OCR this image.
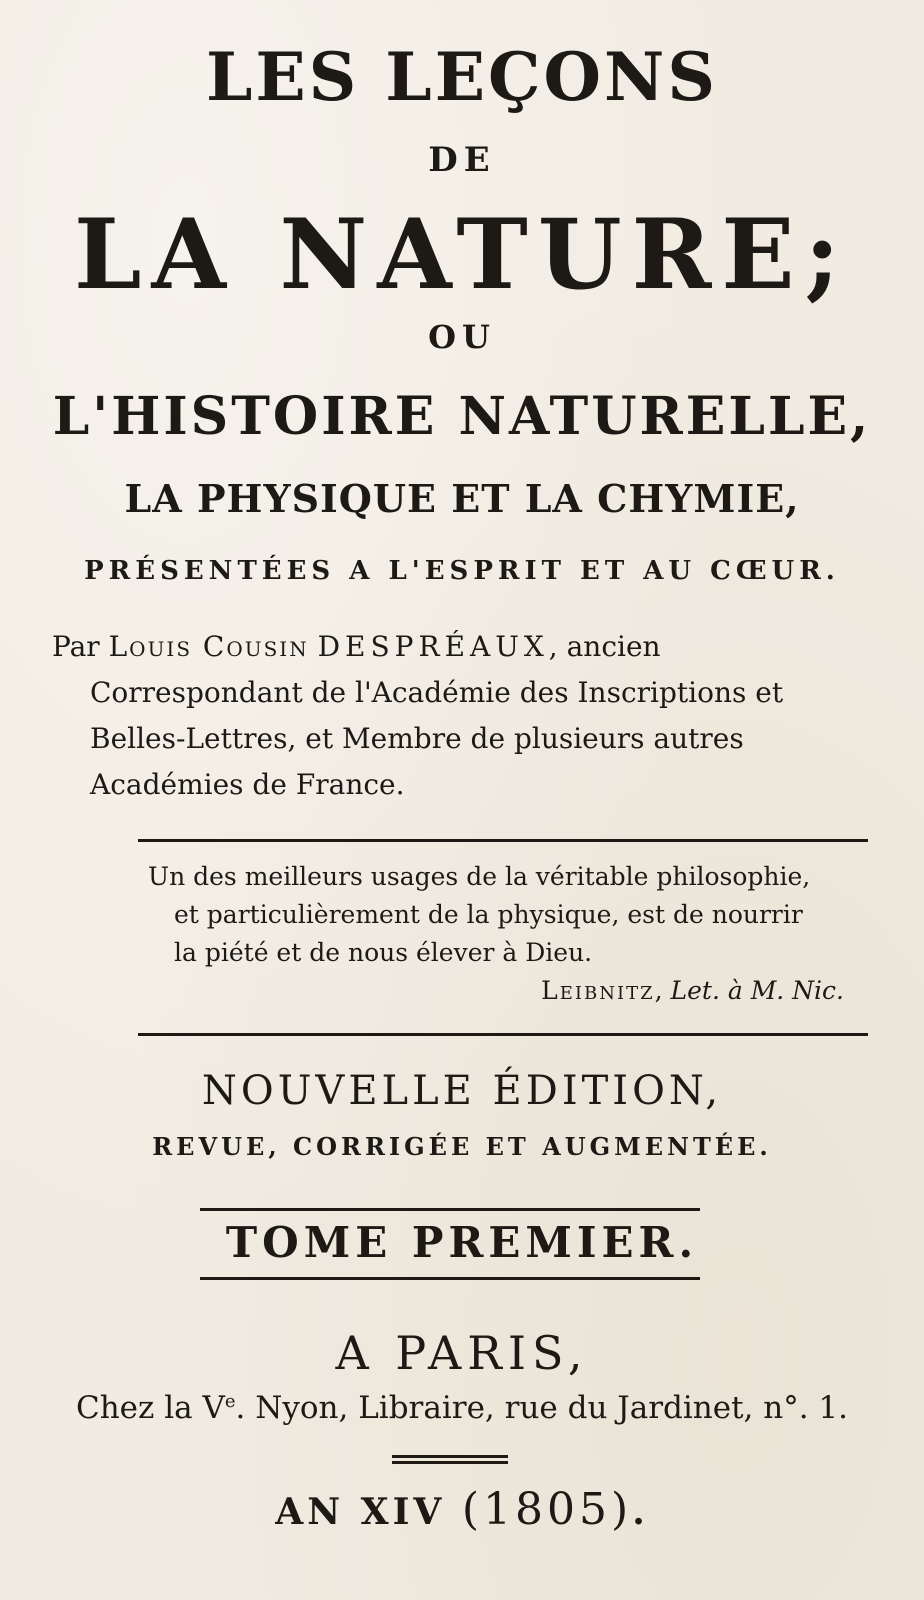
LES LEÇONS
DE
LA NATURE;
OU
L'HISTOIRE NATURELLE,
LA PHYSIQUE ET LA CHYMIE,
PRÉSENTÉES A L'ESPRIT ET AU CŒUR.
Par Louis Cousin DESPRÉAUX, ancien
Correspondant de l'Académie des Inscriptions et
Belles-Lettres, et Membre de plusieurs autres
Académies de France.
Un des meilleurs usages de la véritable philosophie,
et particulièrement de la physique, est de nourrir
la piété et de nous élever à Dieu.
Leibnitz, Let. à M. Nic.
NOUVELLE ÉDITION,
REVUE, CORRIGÉE ET AUGMENTÉE.
TOME PREMIER.
A PARIS,
Chez la Ve. Nyon, Libraire, rue du Jardinet, n°. 1.
AN XIV (1805).
